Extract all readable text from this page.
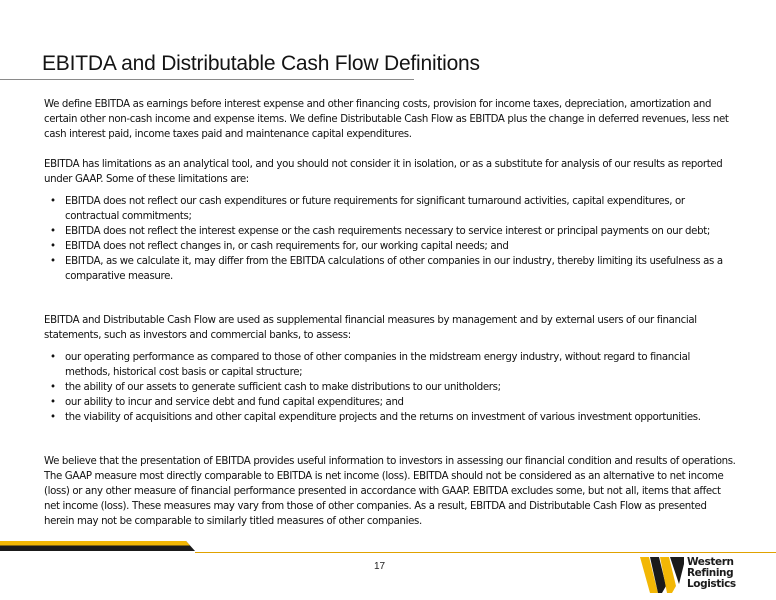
EBITDA and Distributable Cash Flow Definitions

We define EBITDA as earnings before interest expense and other financing costs, provision for income taxes, depreciation, amortization and certain other non-cash income and expense items. We define Distributable Cash Flow as EBITDA plus the change in deferred revenues, less net cash interest paid, income taxes paid and maintenance capital expenditures.

EBITDA has limitations as an analytical tool, and you should not consider it in isolation, or as a substitute for analysis of our results as reported under GAAP. Some of these limitations are:

• EBITDA does not reflect our cash expenditures or future requirements for significant turnaround activities, capital expenditures, or contractual commitments;
• EBITDA does not reflect the interest expense or the cash requirements necessary to service interest or principal payments on our debt;
• EBITDA does not reflect changes in, or cash requirements for, our working capital needs; and
• EBITDA, as we calculate it, may differ from the EBITDA calculations of other companies in our industry, thereby limiting its usefulness as a comparative measure.

EBITDA and Distributable Cash Flow are used as supplemental financial measures by management and by external users of our financial statements, such as investors and commercial banks, to assess:

• our operating performance as compared to those of other companies in the midstream energy industry, without regard to financial methods, historical cost basis or capital structure;
• the ability of our assets to generate sufficient cash to make distributions to our unitholders;
• our ability to incur and service debt and fund capital expenditures; and
• the viability of acquisitions and other capital expenditure projects and the returns on investment of various investment opportunities.

We believe that the presentation of EBITDA provides useful information to investors in assessing our financial condition and results of operations. The GAAP measure most directly comparable to EBITDA is net income (loss). EBITDA should not be considered as an alternative to net income (loss) or any other measure of financial performance presented in accordance with GAAP. EBITDA excludes some, but not all, items that affect net income (loss). These measures may vary from those of other companies. As a result, EBITDA and Distributable Cash Flow as presented herein may not be comparable to similarly titled measures of other companies.

17	Western
Refining
Logistics
